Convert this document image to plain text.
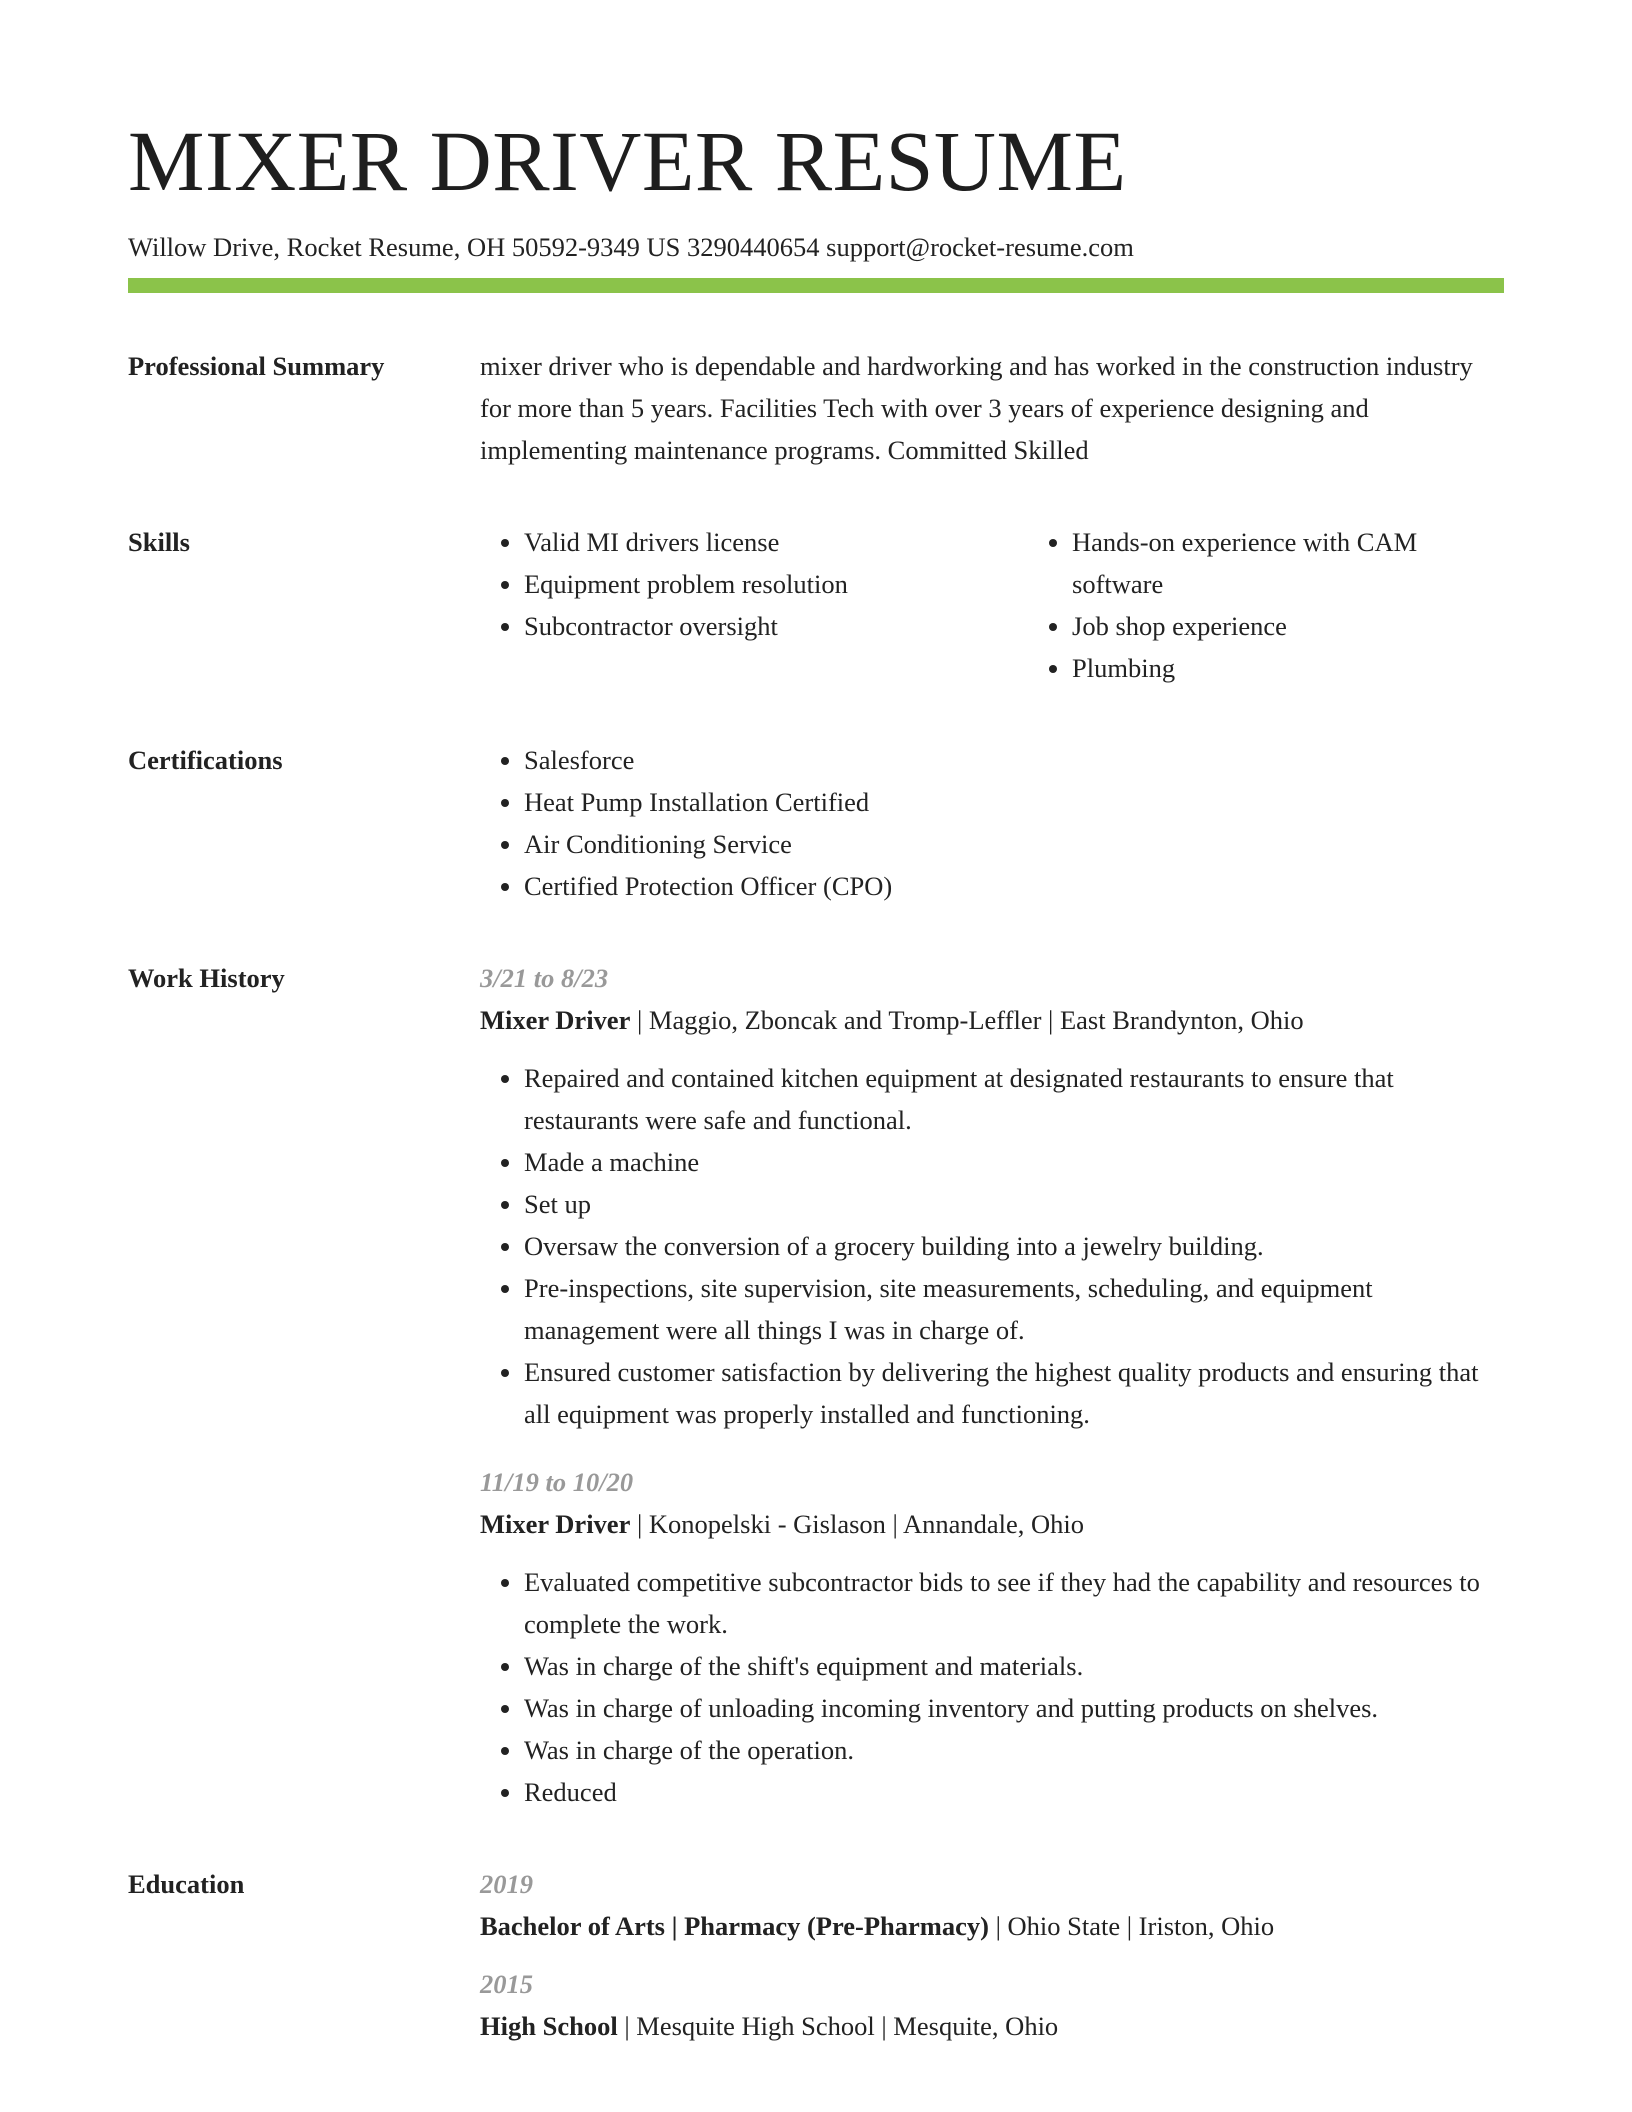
MIXER DRIVER RESUME
Willow Drive, Rocket Resume, OH 50592-9349 US 3290440654 support@rocket-resume.com
Professional Summary	mixer driver who is dependable and hardworking and has worked in the construction industry for more than 5 years. Facilities Tech with over 3 years of experience designing and implementing maintenance programs. Committed Skilled
Skills	• Valid MI drivers license
• Equipment problem resolution
• Subcontractor oversight
• Hands-on experience with CAM software
• Job shop experience
• Plumbing
Certifications	• Salesforce
• Heat Pump Installation Certified
• Air Conditioning Service
• Certified Protection Officer (CPO)
Work History	3/21 to 8/23
Mixer Driver | Maggio, Zboncak and Tromp-Leffler | East Brandynton, Ohio
• Repaired and contained kitchen equipment at designated restaurants to ensure that restaurants were safe and functional.
• Made a machine
• Set up
• Oversaw the conversion of a grocery building into a jewelry building.
• Pre-inspections, site supervision, site measurements, scheduling, and equipment management were all things I was in charge of.
• Ensured customer satisfaction by delivering the highest quality products and ensuring that all equipment was properly installed and functioning.
11/19 to 10/20
Mixer Driver | Konopelski - Gislason | Annandale, Ohio
• Evaluated competitive subcontractor bids to see if they had the capability and resources to complete the work.
• Was in charge of the shift's equipment and materials.
• Was in charge of unloading incoming inventory and putting products on shelves.
• Was in charge of the operation.
• Reduced
Education	2019
Bachelor of Arts | Pharmacy (Pre-Pharmacy) | Ohio State | Iriston, Ohio
2015
High School | Mesquite High School | Mesquite, Ohio
